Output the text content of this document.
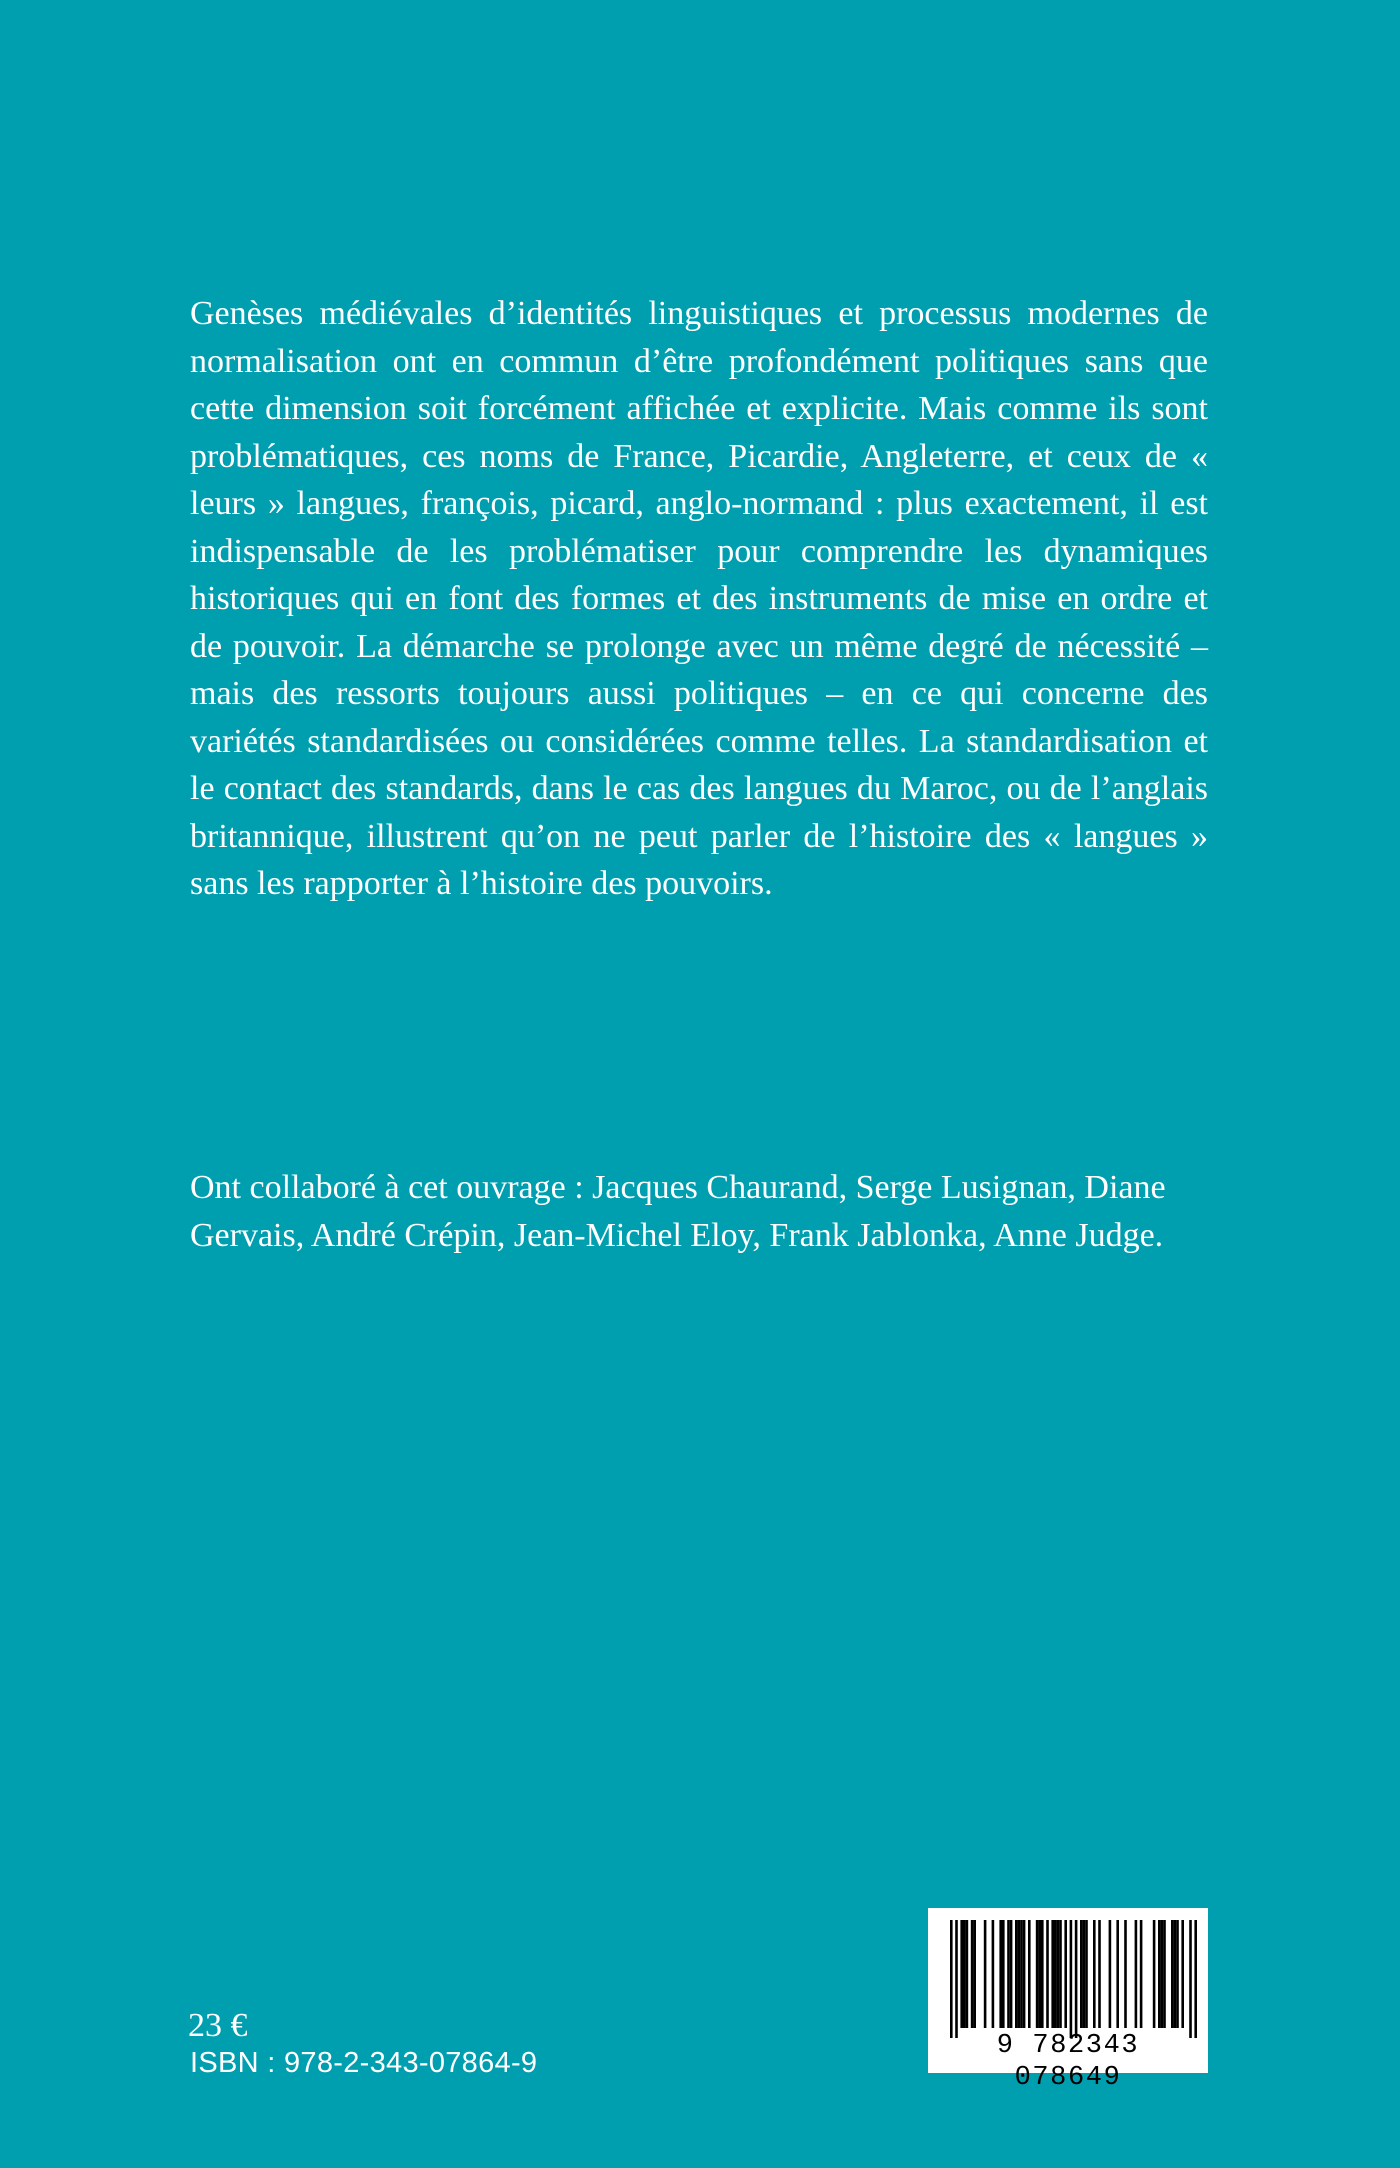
Genèses médiévales d’identités linguistiques et processus modernes de normalisation ont en commun d’être profondément politiques sans que cette dimension soit forcément affichée et explicite. Mais comme ils sont problématiques, ces noms de France, Picardie, Angleterre, et ceux de « leurs » langues, françois, picard, anglo-normand : plus exactement, il est indispensable de les problématiser pour comprendre les dynamiques historiques qui en font des formes et des instruments de mise en ordre et de pouvoir. La démarche se prolonge avec un même degré de nécessité – mais des ressorts toujours aussi politiques – en ce qui concerne des variétés standardisées ou considérées comme telles. La standardisation et le contact des standards, dans le cas des langues du Maroc, ou de l’anglais britannique, illustrent qu’on ne peut parler de l’histoire des « langues » sans les rapporter à l’histoire des pouvoirs.

Ont collaboré à cet ouvrage : Jacques Chaurand, Serge Lusignan, Diane Gervais, André Crépin, Jean-Michel Eloy, Frank Jablonka, Anne Judge.

23 €

ISBN : 978-2-343-07864-9

9 782343 078649
